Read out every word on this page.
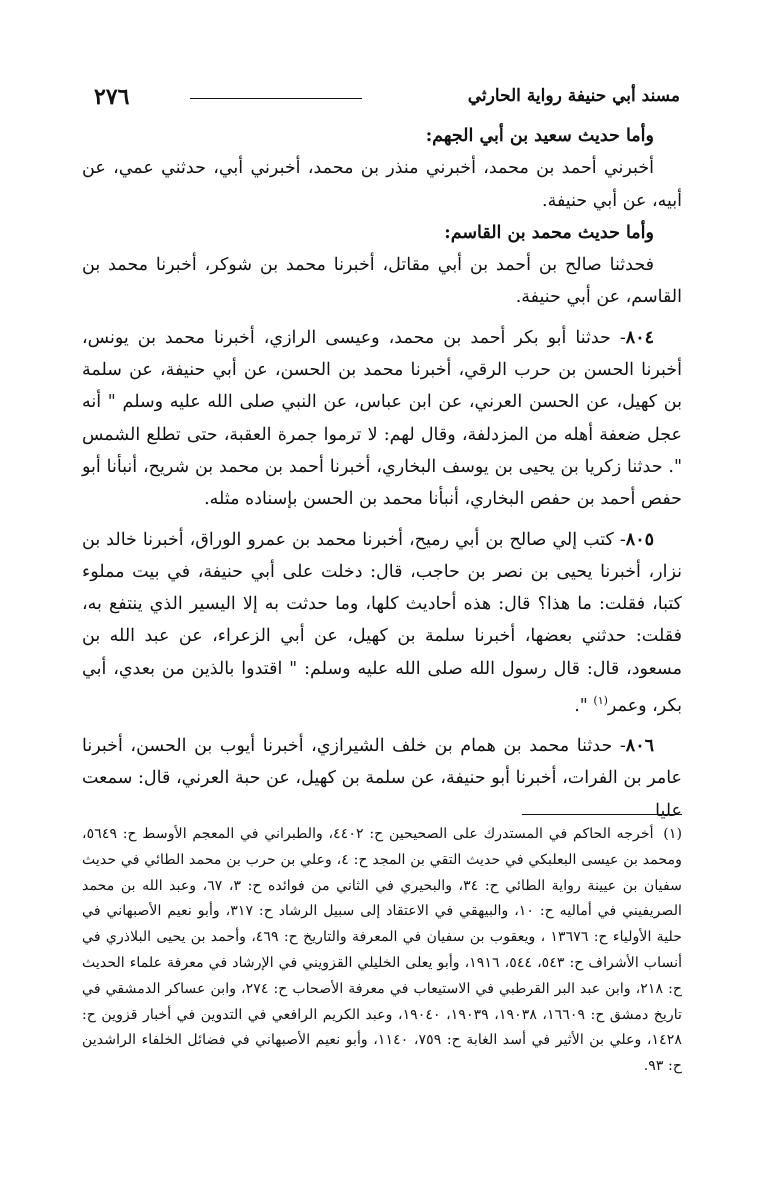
٢٧٦	مسند أبي حنيفة رواية الحارثي

وأما حديث سعيد بن أبي الجهم:

أخبرني أحمد بن محمد، أخبرني منذر بن محمد، أخبرني أبي، حدثني عمي، عن أبيه، عن أبي حنيفة.

وأما حديث محمد بن القاسم:

فحدثنا صالح بن أحمد بن أبي مقاتل، أخبرنا محمد بن شوكر، أخبرنا محمد بن القاسم، عن أبي حنيفة.

٨٠٤- حدثنا أبو بكر أحمد بن محمد، وعيسى الرازي، أخبرنا محمد بن يونس، أخبرنا الحسن بن حرب الرقي، أخبرنا محمد بن الحسن، عن أبي حنيفة، عن سلمة بن كهيل، عن الحسن العرني، عن ابن عباس، عن النبي صلى الله عليه وسلم " أنه عجل ضعفة أهله من المزدلفة، وقال لهم: لا ترموا جمرة العقبة، حتى تطلع الشمس ". حدثنا زكريا بن يحيى بن يوسف البخاري، أخبرنا أحمد بن محمد بن شريح، أنبأنا أبو حفص أحمد بن حفص البخاري، أنبأنا محمد بن الحسن بإسناده مثله.

٨٠٥- كتب إلي صالح بن أبي رميح، أخبرنا محمد بن عمرو الوراق، أخبرنا خالد بن نزار، أخبرنا يحيى بن نصر بن حاجب، قال: دخلت على أبي حنيفة، في بيت مملوء كتبا، فقلت: ما هذا؟ قال: هذه أحاديث كلها، وما حدثت به إلا اليسير الذي ينتفع به، فقلت: حدثني بعضها، أخبرنا سلمة بن كهيل، عن أبي الزعراء، عن عبد الله بن مسعود، قال: قال رسول الله صلى الله عليه وسلم: " اقتدوا بالذين من بعدي، أبي بكر، وعمر$^{(١)}$ ".

٨٠٦- حدثنا محمد بن همام بن خلف الشيرازي، أخبرنا أيوب بن الحسن، أخبرنا عامر بن الفرات، أخبرنا أبو حنيفة، عن سلمة بن كهيل، عن حبة العرني، قال: سمعت عليا

(١) أخرجه الحاكم في المستدرك على الصحيحين ح: ٤٤٠٢، والطبراني في المعجم الأوسط ح: ٥٦٤٩، ومحمد بن عيسى البعلبكي في حديث التقي بن المجد ح: ٤، وعلي بن حرب بن محمد الطائي في حديث سفيان بن عيينة رواية الطائي ح: ٣٤، والبحيري في الثاني من فوائده ح: ٣، ٦٧، وعبد الله بن محمد الصريفيني في أماليه ح: ١٠، والبيهقي في الاعتقاد إلى سبيل الرشاد ح: ٣١٧، وأبو نعيم الأصبهاني في حلية الأولياء ح: ١٣٦٧٦ ، ويعقوب بن سفيان في المعرفة والتاريخ ح: ٤٦٩، وأحمد بن يحيى البلاذري في أنساب الأشراف ح: ٥٤٣، ٥٤٤، ١٩١٦، وأبو يعلى الخليلي القزويني في الإرشاد في معرفة علماء الحديث ح: ٢١٨، وابن عبد البر القرطبي في الاستيعاب في معرفة الأصحاب ح: ٢٧٤، وابن عساكر الدمشقي في تاريخ دمشق ح: ١٦٦٠٩، ١٩٠٣٨، ١٩٠٣٩، ١٩٠٤٠، وعبد الكريم الرافعي في التدوين في أخبار قزوين ح: ١٤٢٨، وعلي بن الأثير في أسد الغابة ح: ٧٥٩، ١١٤٠، وأبو نعيم الأصبهاني في فضائل الخلفاء الراشدين ح: ٩٣.
